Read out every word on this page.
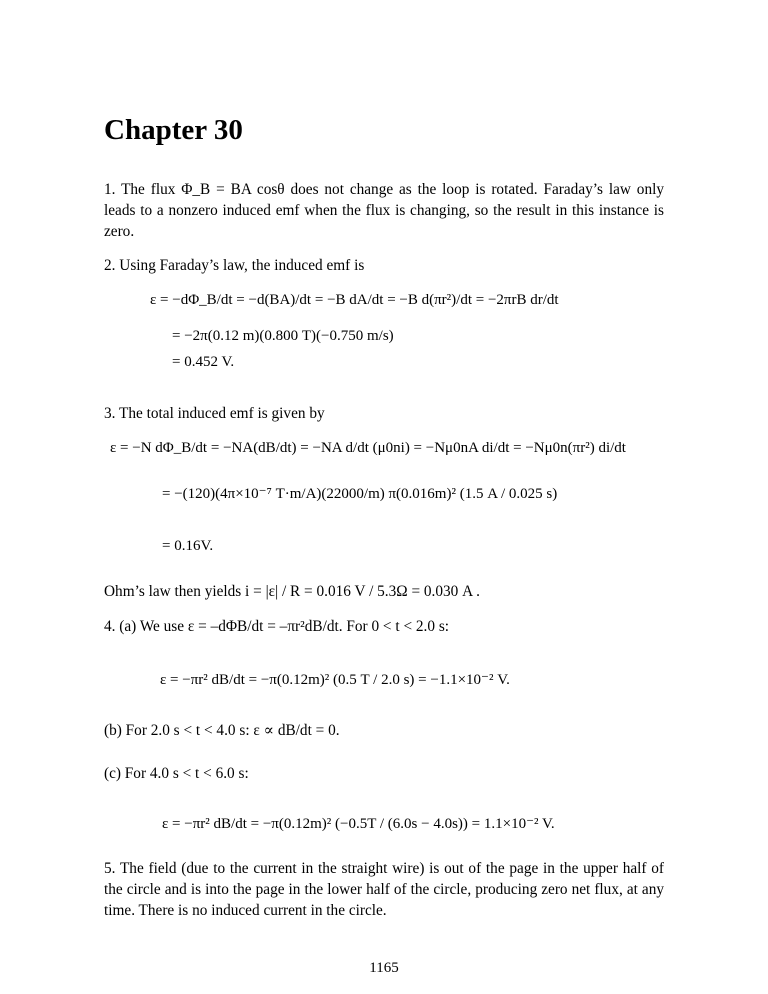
Chapter 30

1. The flux Φ_B = BA cosθ does not change as the loop is rotated. Faraday’s law only leads to a nonzero induced emf when the flux is changing, so the result in this instance is zero.

2. Using Faraday’s law, the induced emf is

ε = −dΦ_B/dt = −d(BA)/dt = −B dA/dt = −B d(πr²)/dt = −2πrB dr/dt
= −2π(0.12 m)(0.800 T)(−0.750 m/s)
= 0.452 V.

3. The total induced emf is given by

ε = −N dΦ_B/dt = −NA(dB/dt) = −NA d/dt (μ0ni) = −Nμ0nA di/dt = −Nμ0n(πr²) di/dt
= −(120)(4π×10⁻⁷ T·m/A)(22000/m) π(0.016m)² (1.5 A / 0.025 s)
= 0.16V.

Ohm’s law then yields i = |ε| / R = 0.016 V / 5.3Ω = 0.030 A .

4. (a) We use ε = –dΦB/dt = –πr²dB/dt. For 0 < t < 2.0 s:

ε = −πr² dB/dt = −π(0.12m)² (0.5 T / 2.0 s) = −1.1×10⁻² V.

(b) For 2.0 s < t < 4.0 s: ε ∝ dB/dt = 0.

(c) For 4.0 s < t < 6.0 s:

ε = −πr² dB/dt = −π(0.12m)² (−0.5T / (6.0s − 4.0s)) = 1.1×10⁻² V.

5. The field (due to the current in the straight wire) is out of the page in the upper half of the circle and is into the page in the lower half of the circle, producing zero net flux, at any time. There is no induced current in the circle.

1165
